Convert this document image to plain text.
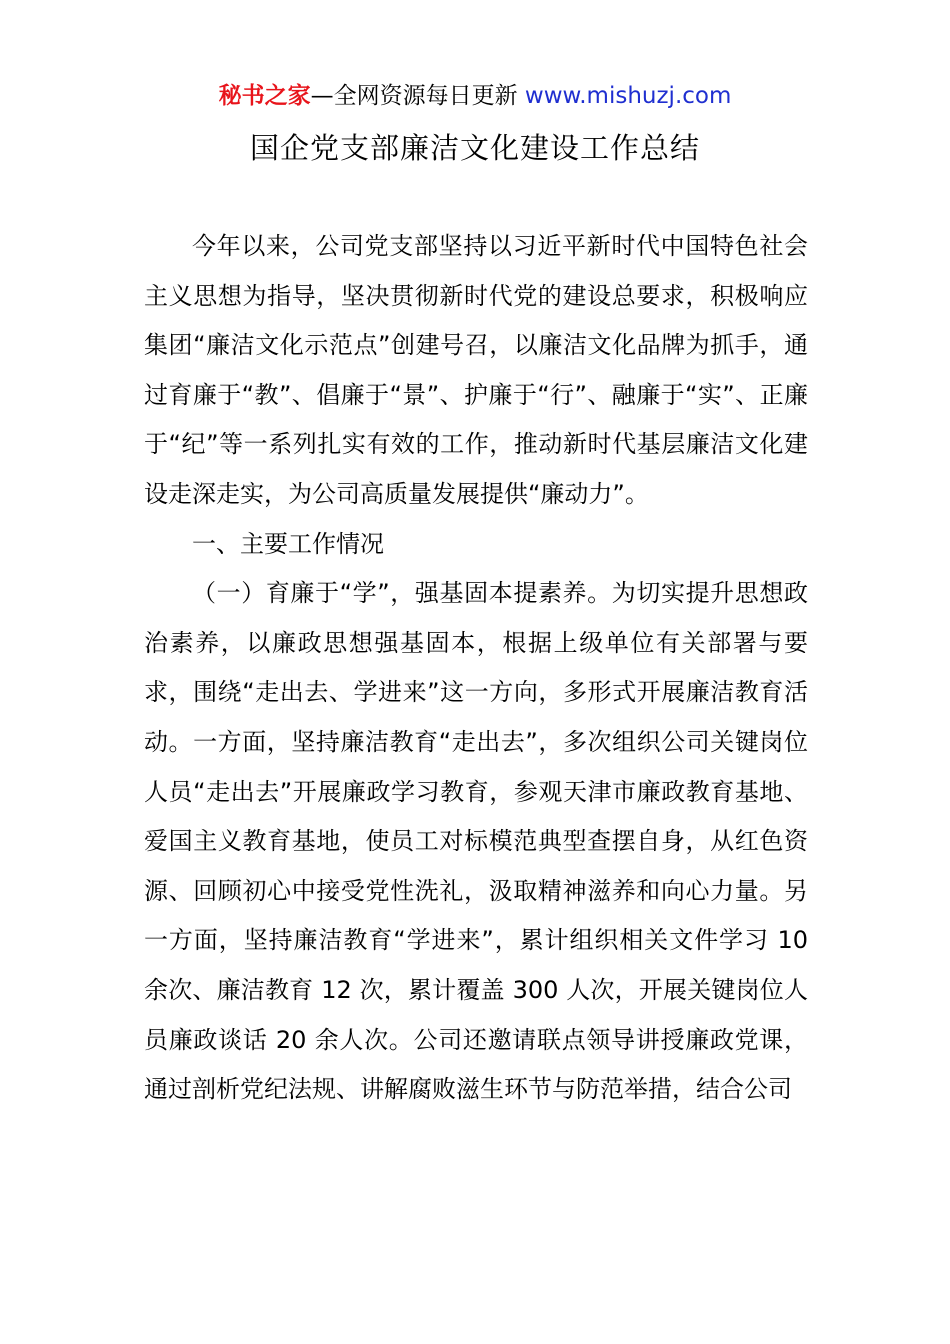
秘书之家—全网资源每日更新 www.mishuzj.com
国企党支部廉洁文化建设工作总结

今年以来，公司党支部坚持以习近平新时代中国特色社会主义思想为指导，坚决贯彻新时代党的建设总要求，积极响应集团“廉洁文化示范点”创建号召，以廉洁文化品牌为抓手，通过育廉于“教”、倡廉于“景”、护廉于“行”、融廉于“实”、正廉于“纪”等一系列扎实有效的工作，推动新时代基层廉洁文化建设走深走实，为公司高质量发展提供“廉动力”。

一、主要工作情况

（一）育廉于“学”，强基固本提素养。为切实提升思想政治素养，以廉政思想强基固本，根据上级单位有关部署与要求，围绕“走出去、学进来”这一方向，多形式开展廉洁教育活动。一方面，坚持廉洁教育“走出去”，多次组织公司关键岗位人员“走出去”开展廉政学习教育，参观天津市廉政教育基地、爱国主义教育基地，使员工对标模范典型查摆自身，从红色资源、回顾初心中接受党性洗礼，汲取精神滋养和向心力量。另一方面，坚持廉洁教育“学进来”，累计组织相关文件学习 10 余次、廉洁教育 12 次，累计覆盖 300 人次，开展关键岗位人员廉政谈话 20 余人次。公司还邀请联点领导讲授廉政党课，通过剖析党纪法规、讲解腐败滋生环节与防范举措，结合公司
